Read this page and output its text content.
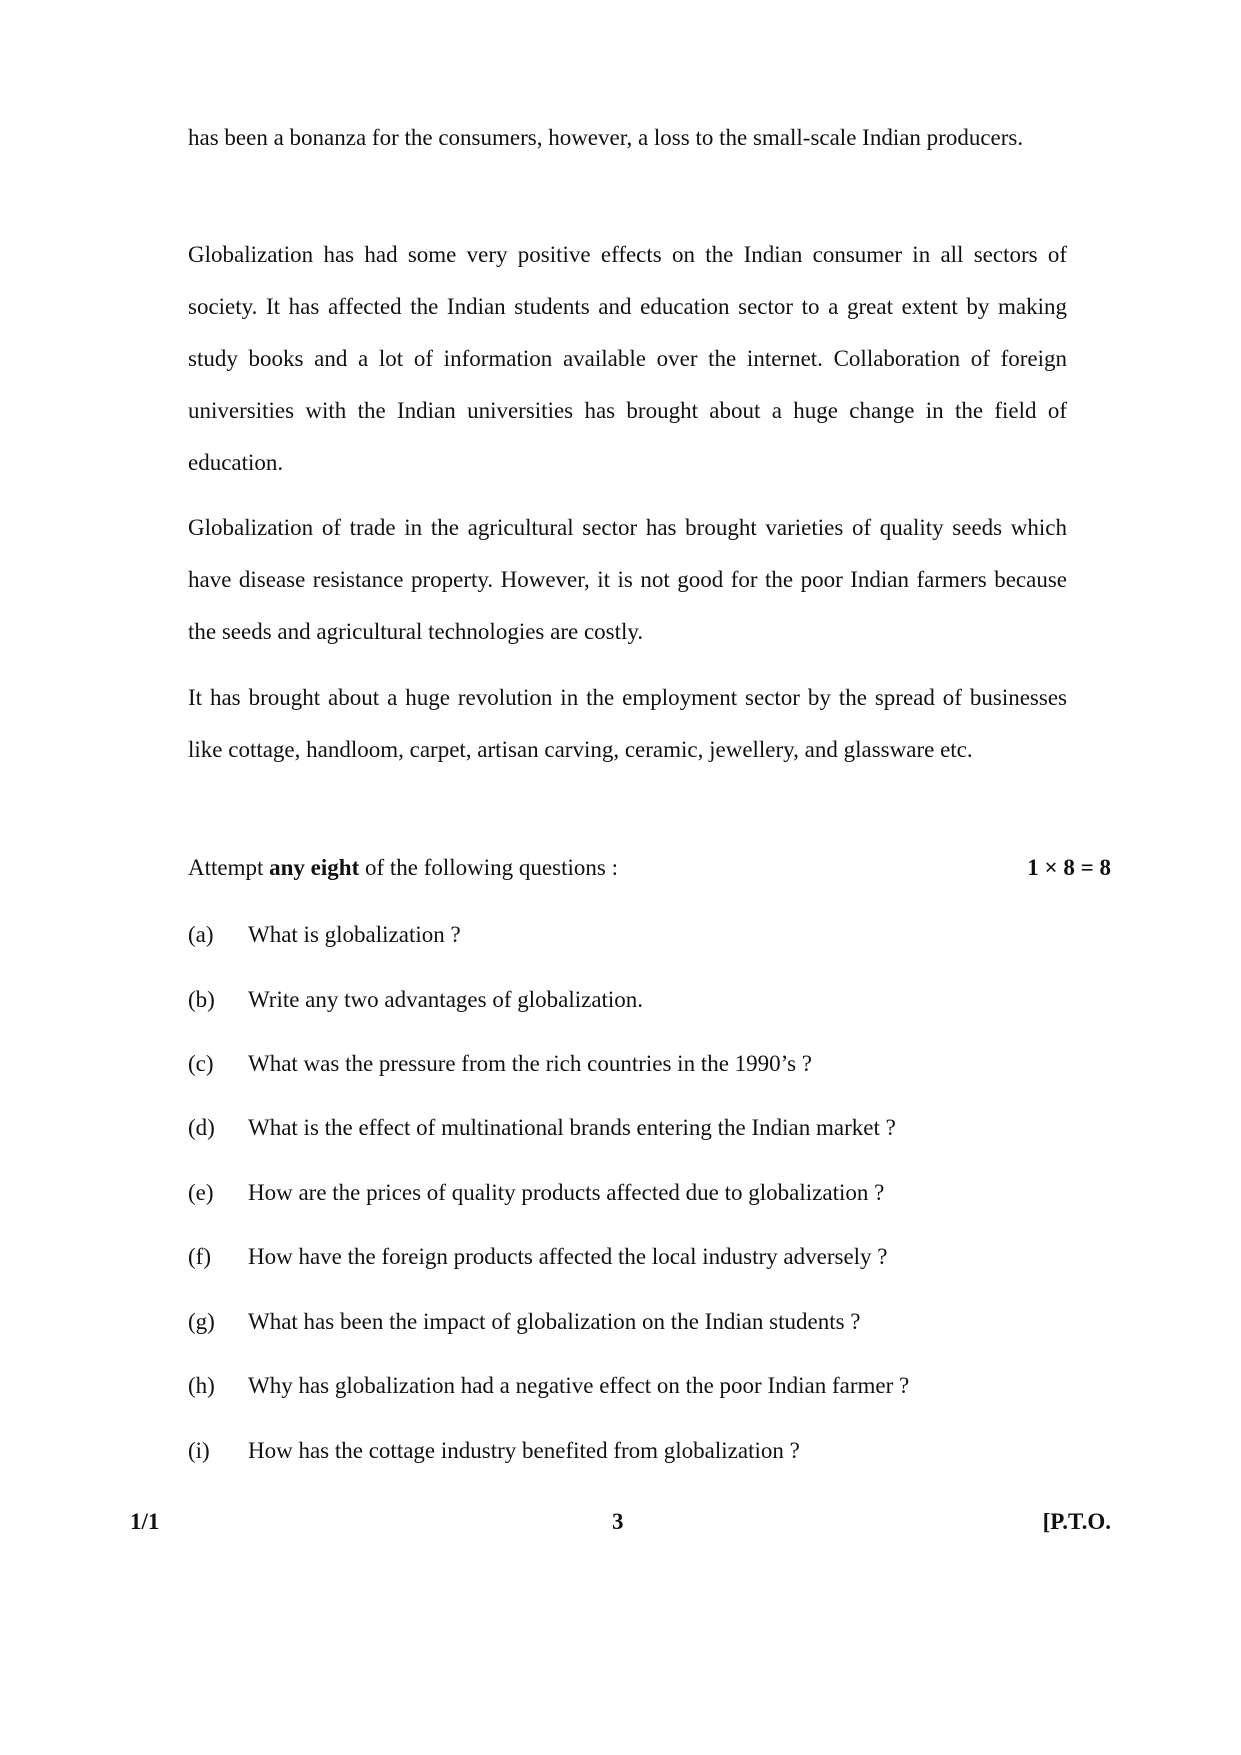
has been a bonanza for the consumers, however, a loss to the small-scale Indian producers.

Globalization has had some very positive effects on the Indian consumer in all sectors of society. It has affected the Indian students and education sector to a great extent by making study books and a lot of information available over the internet. Collaboration of foreign universities with the Indian universities has brought about a huge change in the field of education.

Globalization of trade in the agricultural sector has brought varieties of quality seeds which have disease resistance property. However, it is not good for the poor Indian farmers because the seeds and agricultural technologies are costly.

It has brought about a huge revolution in the employment sector by the spread of businesses like cottage, handloom, carpet, artisan carving, ceramic, jewellery, and glassware etc.

Attempt any eight of the following questions :	1 × 8 = 8
(a) What is globalization ?
(b) Write any two advantages of globalization.
(c) What was the pressure from the rich countries in the 1990’s ?
(d) What is the effect of multinational brands entering the Indian market ?
(e) How are the prices of quality products affected due to globalization ?
(f) How have the foreign products affected the local industry adversely ?
(g) What has been the impact of globalization on the Indian students ?
(h) Why has globalization had a negative effect on the poor Indian farmer ?
(i) How has the cottage industry benefited from globalization ?
1/1	3	[P.T.O.
